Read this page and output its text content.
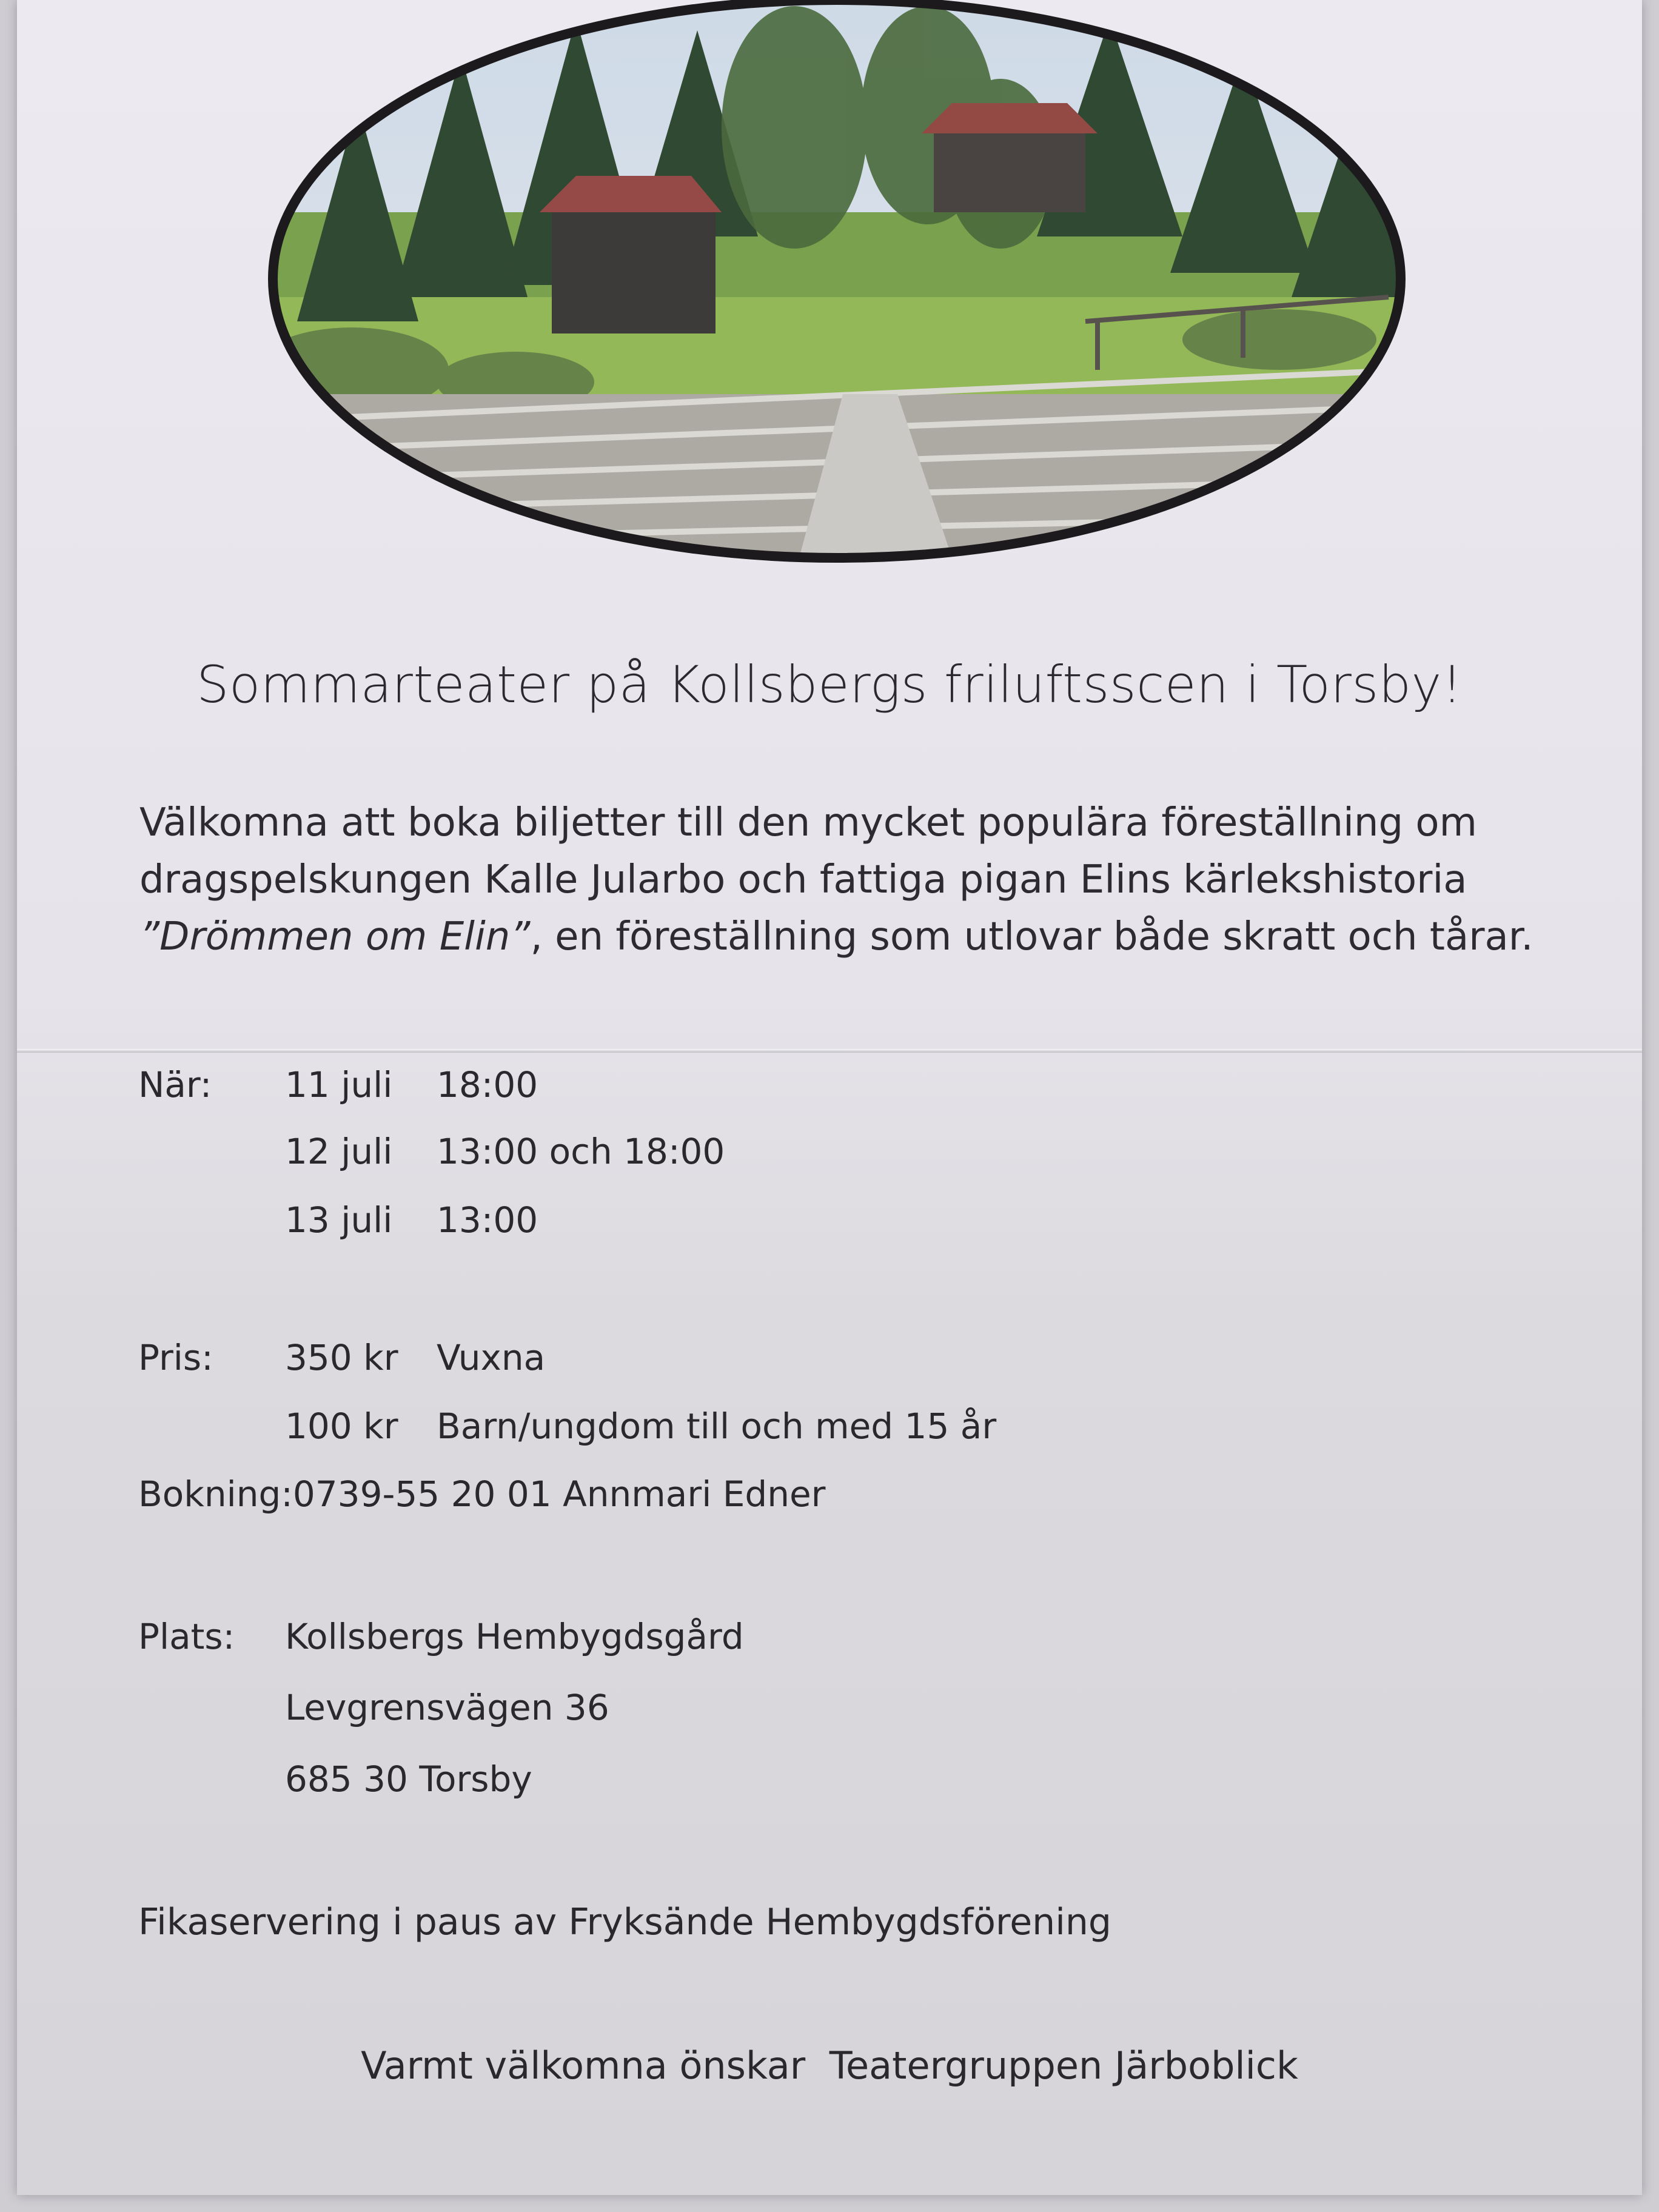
Sommarteater på Kollsbergs friluftsscen i Torsby!
Välkomna att boka biljetter till den mycket populära föreställning om
dragspelskungen Kalle Jularbo och fattiga pigan Elins kärlekshistoria
”Drömmen om Elin”, en föreställning som utlovar både skratt och tårar.
När: 11 juli 18:00
12 juli 13:00 och 18:00
13 juli 13:00
Pris: 350 kr Vuxna
100 kr Barn/ungdom till och med 15 år
Bokning:0739-55 20 01 Annmari Edner
Plats: Kollsbergs Hembygdsgård
Levgrensvägen 36
685 30 Torsby
Fikaservering i paus av Fryksände Hembygdsförening
Varmt välkomna önskar  Teatergruppen Järboblick
